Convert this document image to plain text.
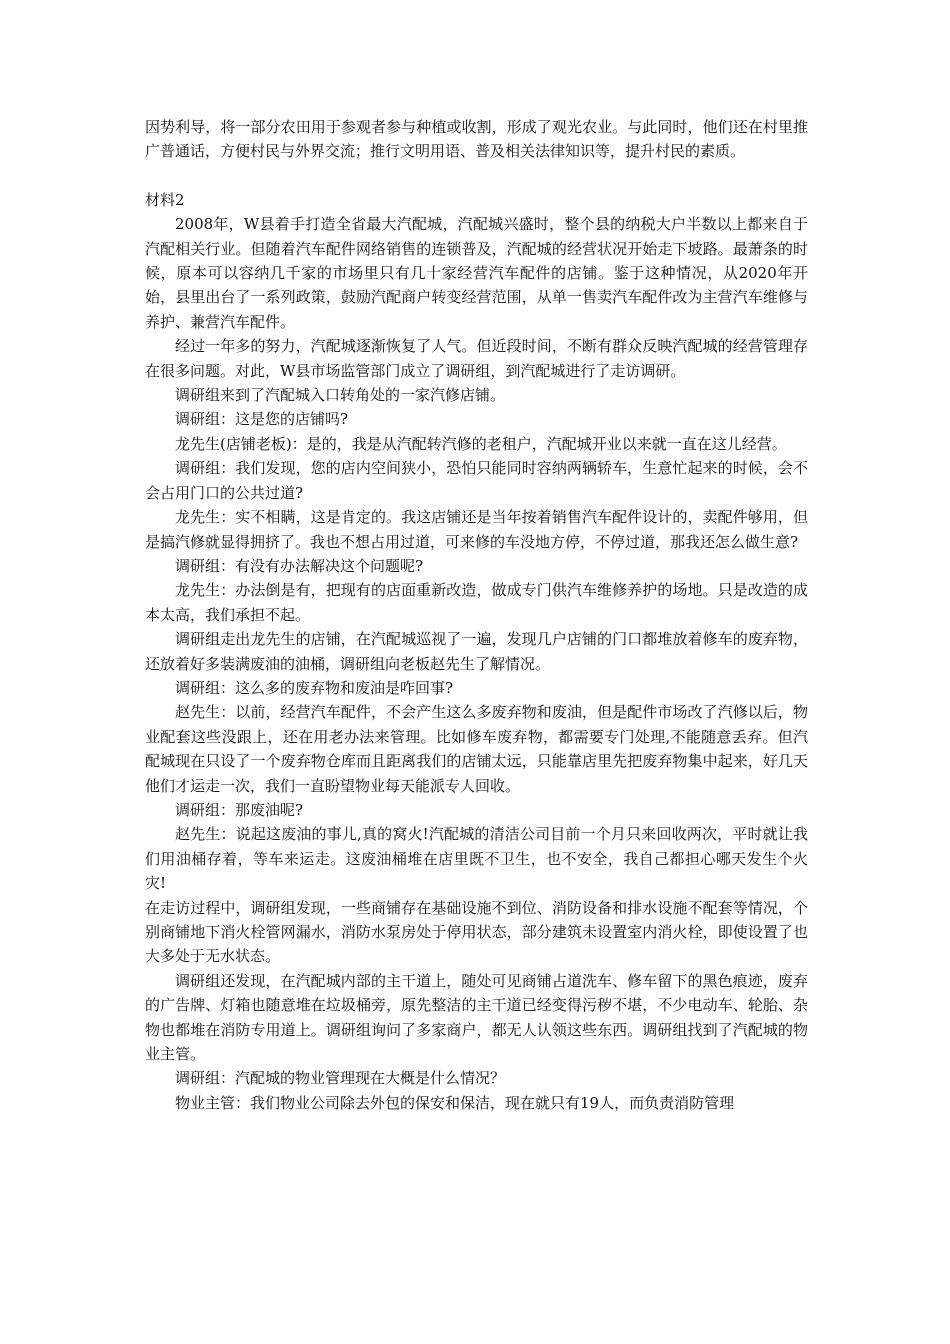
因势利导，将一部分农田用于参观者参与种植或收割，形成了观光农业。与此同时，他们还在村里推广普通话，方便村民与外界交流；推行文明用语、普及相关法律知识等，提升村民的素质。

材料2

2008年，W县着手打造全省最大汽配城，汽配城兴盛时，整个县的纳税大户半数以上都来自于汽配相关行业。但随着汽车配件网络销售的连锁普及，汽配城的经营状况开始走下坡路。最萧条的时候，原本可以容纳几千家的市场里只有几十家经营汽车配件的店铺。鉴于这种情况，从2020年开始，县里出台了一系列政策，鼓励汽配商户转变经营范围，从单一售卖汽车配件改为主营汽车维修与养护、兼营汽车配件。

经过一年多的努力，汽配城逐渐恢复了人气。但近段时间，不断有群众反映汽配城的经营管理存在很多问题。对此，W县市场监管部门成立了调研组，到汽配城进行了走访调研。

调研组来到了汽配城入口转角处的一家汽修店铺。

调研组：这是您的店铺吗?

龙先生(店铺老板)：是的，我是从汽配转汽修的老租户，汽配城开业以来就一直在这儿经营。

调研组：我们发现，您的店内空间狭小，恐怕只能同时容纳两辆轿车，生意忙起来的时候，会不会占用门口的公共过道?

龙先生：实不相瞒，这是肯定的。我这店铺还是当年按着销售汽车配件设计的，卖配件够用，但是搞汽修就显得拥挤了。我也不想占用过道，可来修的车没地方停，不停过道，那我还怎么做生意?

调研组：有没有办法解决这个问题呢?

龙先生：办法倒是有，把现有的店面重新改造，做成专门供汽车维修养护的场地。只是改造的成本太高，我们承担不起。

调研组走出龙先生的店铺，在汽配城巡视了一遍，发现几户店铺的门口都堆放着修车的废弃物，还放着好多装满废油的油桶，调研组向老板赵先生了解情况。

调研组：这么多的废弃物和废油是咋回事?

赵先生：以前，经营汽车配件，不会产生这么多废弃物和废油，但是配件市场改了汽修以后，物业配套这些没跟上，还在用老办法来管理。比如修车废弃物，都需要专门处理,不能随意丢弃。但汽配城现在只设了一个废弃物仓库而且距离我们的店铺太远，只能靠店里先把废弃物集中起来，好几天他们才运走一次，我们一直盼望物业每天能派专人回收。

调研组：那废油呢?

赵先生：说起这废油的事儿,真的窝火!汽配城的清洁公司目前一个月只来回收两次，平时就让我们用油桶存着，等车来运走。这废油桶堆在店里既不卫生，也不安全，我自己都担心哪天发生个火灾!

在走访过程中，调研组发现，一些商铺存在基础设施不到位、消防设备和排水设施不配套等情况，个别商铺地下消火栓管网漏水，消防水泵房处于停用状态，部分建筑未设置室内消火栓，即使设置了也大多处于无水状态。

调研组还发现，在汽配城内部的主干道上，随处可见商铺占道洗车、修车留下的黑色痕迹，废弃的广告牌、灯箱也随意堆在垃圾桶旁，原先整洁的主干道已经变得污秽不堪，不少电动车、轮胎、杂物也都堆在消防专用道上。调研组询问了多家商户，都无人认领这些东西。调研组找到了汽配城的物业主管。

调研组：汽配城的物业管理现在大概是什么情况？

物业主管：我们物业公司除去外包的保安和保洁，现在就只有19人，而负责消防管理
